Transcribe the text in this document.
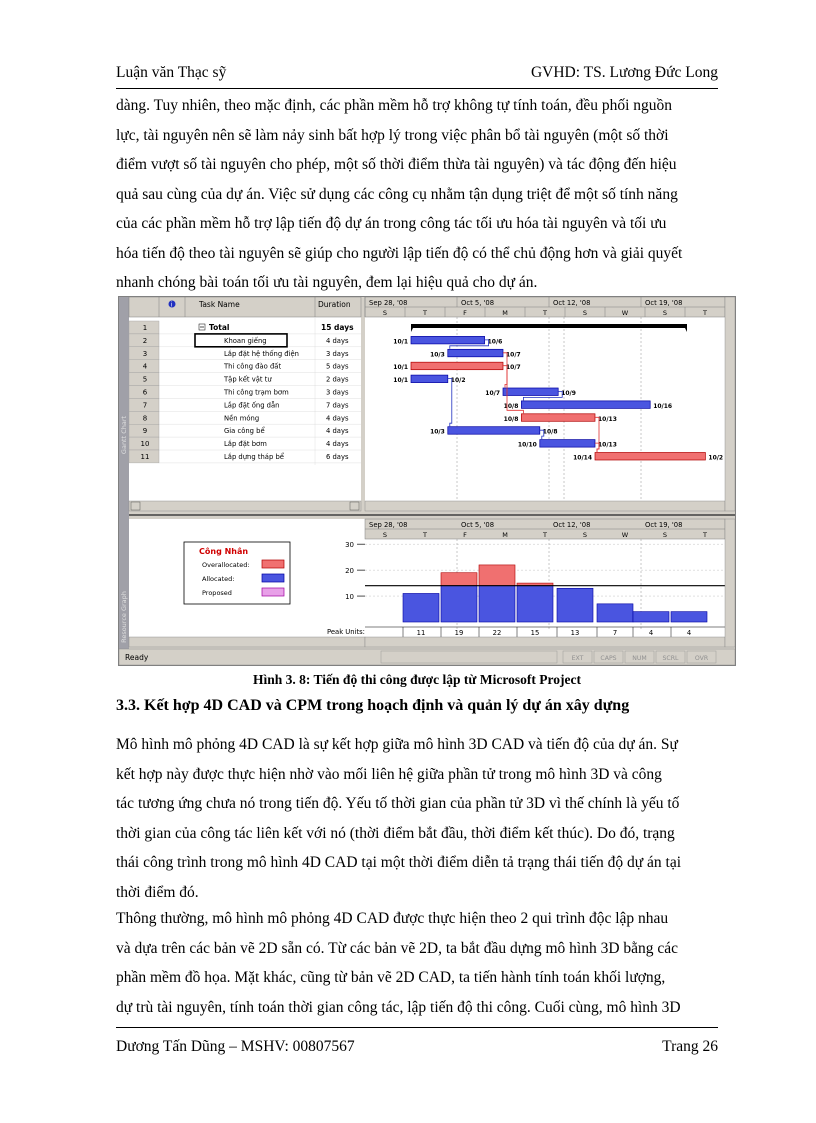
Luận văn Thạc sỹ	GVHD: TS. Lương Đức Long
dàng. Tuy nhiên, theo mặc định, các phần mềm hỗ trợ không tự tính toán, đều phối nguồn
lực, tài nguyên nên sẽ làm nảy sinh bất hợp lý trong việc phân bổ tài nguyên (một số thời
điểm vượt số tài nguyên cho phép, một số thời điểm thừa tài nguyên) và tác động đến hiệu
quả sau cùng của dự án. Việc sử dụng các công cụ nhằm tận dụng triệt để một số tính năng
của các phần mềm hỗ trợ lập tiến độ dự án trong công tác tối ưu hóa tài nguyên và tối ưu
hóa tiến độ theo tài nguyên sẽ giúp cho người lập tiến độ có thể chủ động hơn và giải quyết
nhanh chóng bài toán tối ưu tài nguyên, đem lại hiệu quả cho dự án.
Gantt Chart
Resource Graph
i	Task Name	Duration
1	Total	15 days
2	Khoan giếng	4 days
3	Lắp đặt hệ thống điện	3 days
4	Thi công đào đất	5 days
5	Tập kết vật tư	2 days
6	Thi công trạm bơm	3 days
7	Lắp đặt ống dẫn	7 days
8	Nền móng	4 days
9	Gia công bể	4 days
10	Lắp đặt bơm	4 days
11	Lắp dựng tháp bể	6 days
Sep 28, '08	Oct 5, '08	Oct 12, '08	Oct 19, '08
S	T	F	M	T	S	W	S	T
10/1	10/6
10/3	10/7
10/1	10/7
10/1	10/2
10/7	10/9
10/8	10/16
10/8	10/13
10/3	10/8
10/10	10/13
10/14	10/2
Công Nhân
Overallocated:
Allocated:
Proposed
Sep 28, '08	Oct 5, '08	Oct 12, '08	Oct 19, '08
S	T	F	M	T	S	W	S	T
30
20
10
Peak Units:	11	19	22	15	13	7	4	4
Ready	EXT	CAPS	NUM	SCRL	OVR
Hình 3. 8: Tiến độ thi công được lập từ Microsoft Project
3.3. Kết hợp 4D CAD và CPM trong hoạch định và quản lý dự án xây dựng
Mô hình mô phỏng 4D CAD là sự kết hợp giữa mô hình 3D CAD và tiến độ của dự án. Sự
kết hợp này được thực hiện nhờ vào mối liên hệ giữa phần tử trong mô hình 3D và công
tác tương ứng chưa nó trong tiến độ. Yếu tố thời gian của phần tử 3D vì thế chính là yếu tố
thời gian của công tác liên kết với nó (thời điểm bắt đầu, thời điểm kết thúc). Do đó, trạng
thái công trình trong mô hình 4D CAD tại một thời điểm diễn tả trạng thái tiến độ dự án tại
thời điểm đó.
Thông thường, mô hình mô phỏng 4D CAD được thực hiện theo 2 qui trình độc lập nhau
và dựa trên các bản vẽ 2D sẵn có. Từ các bản vẽ 2D, ta bắt đầu dựng mô hình 3D bằng các
phần mềm đồ họa. Mặt khác, cũng từ bản vẽ 2D CAD, ta tiến hành tính toán khối lượng,
dự trù tài nguyên, tính toán thời gian công tác, lập tiến độ thi công. Cuối cùng, mô hình 3D
Dương Tấn Dũng – MSHV: 00807567	Trang 26
